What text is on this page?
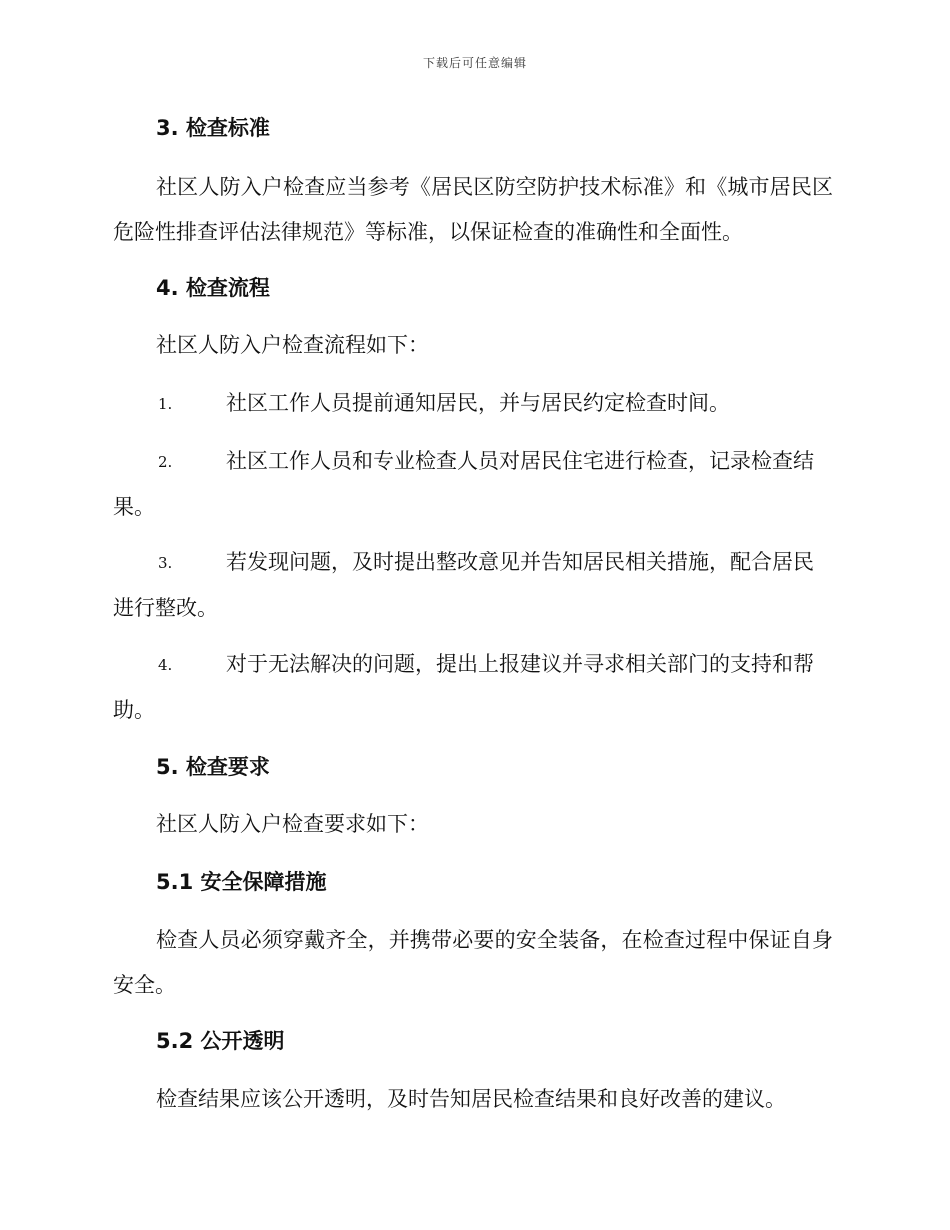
下载后可任意编辑
3. 检查标准

社区人防入户检查应当参考《居民区防空防护技术标准》和《城市居民区危险性排查评估法律规范》等标准，以保证检查的准确性和全面性。

4. 检查流程

社区人防入户检查流程如下：

1.	社区工作人员提前通知居民，并与居民约定检查时间。

2.	社区工作人员和专业检查人员对居民住宅进行检查，记录检查结果。

3.	若发现问题，及时提出整改意见并告知居民相关措施，配合居民进行整改。

4.	对于无法解决的问题，提出上报建议并寻求相关部门的支持和帮助。

5. 检查要求

社区人防入户检查要求如下：

5.1 安全保障措施

检查人员必须穿戴齐全，并携带必要的安全装备，在检查过程中保证自身安全。

5.2 公开透明

检查结果应该公开透明，及时告知居民检查结果和良好改善的建议。
